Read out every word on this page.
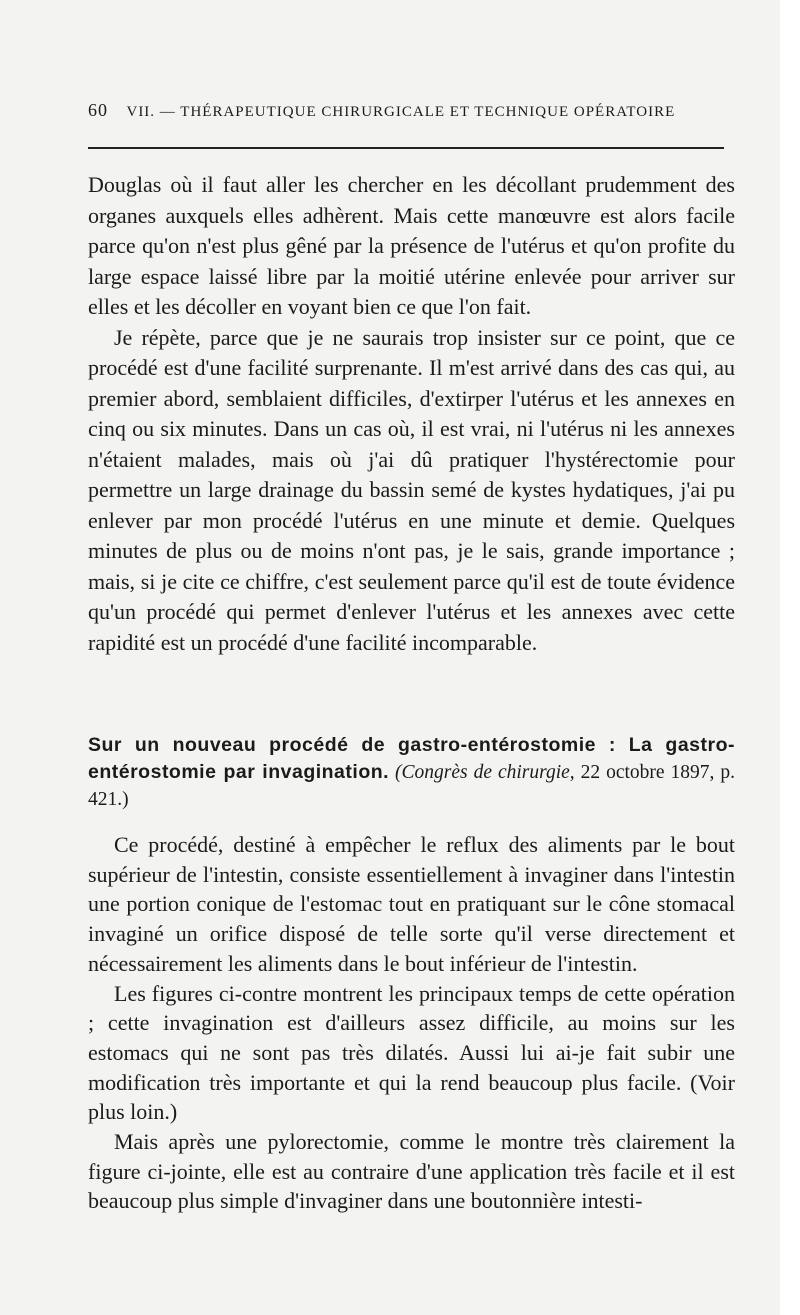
60 VII. — THÉRAPEUTIQUE CHIRURGICALE ET TECHNIQUE OPÉRATOIRE

Douglas où il faut aller les chercher en les décollant prudemment des organes auxquels elles adhèrent. Mais cette manœuvre est alors facile parce qu'on n'est plus gêné par la présence de l'utérus et qu'on profite du large espace laissé libre par la moitié utérine enlevée pour arriver sur elles et les décoller en voyant bien ce que l'on fait.

Je répète, parce que je ne saurais trop insister sur ce point, que ce procédé est d'une facilité surprenante. Il m'est arrivé dans des cas qui, au premier abord, semblaient difficiles, d'extirper l'utérus et les annexes en cinq ou six minutes. Dans un cas où, il est vrai, ni l'utérus ni les annexes n'étaient malades, mais où j'ai dû pratiquer l'hystérectomie pour permettre un large drainage du bassin semé de kystes hydatiques, j'ai pu enlever par mon procédé l'utérus en une minute et demie. Quelques minutes de plus ou de moins n'ont pas, je le sais, grande importance ; mais, si je cite ce chiffre, c'est seulement parce qu'il est de toute évidence qu'un procédé qui permet d'enlever l'utérus et les annexes avec cette rapidité est un procédé d'une facilité incomparable.

Sur un nouveau procédé de gastro-entérostomie : La gastro-entérostomie par invagination. (Congrès de chirurgie, 22 octobre 1897, p. 421.)

Ce procédé, destiné à empêcher le reflux des aliments par le bout supérieur de l'intestin, consiste essentiellement à invaginer dans l'intestin une portion conique de l'estomac tout en pratiquant sur le cône stomacal invaginé un orifice disposé de telle sorte qu'il verse directement et nécessairement les aliments dans le bout inférieur de l'intestin.

Les figures ci-contre montrent les principaux temps de cette opération ; cette invagination est d'ailleurs assez difficile, au moins sur les estomacs qui ne sont pas très dilatés. Aussi lui ai-je fait subir une modification très importante et qui la rend beaucoup plus facile. (Voir plus loin.)

Mais après une pylorectomie, comme le montre très clairement la figure ci-jointe, elle est au contraire d'une application très facile et il est beaucoup plus simple d'invaginer dans une boutonnière intesti-
